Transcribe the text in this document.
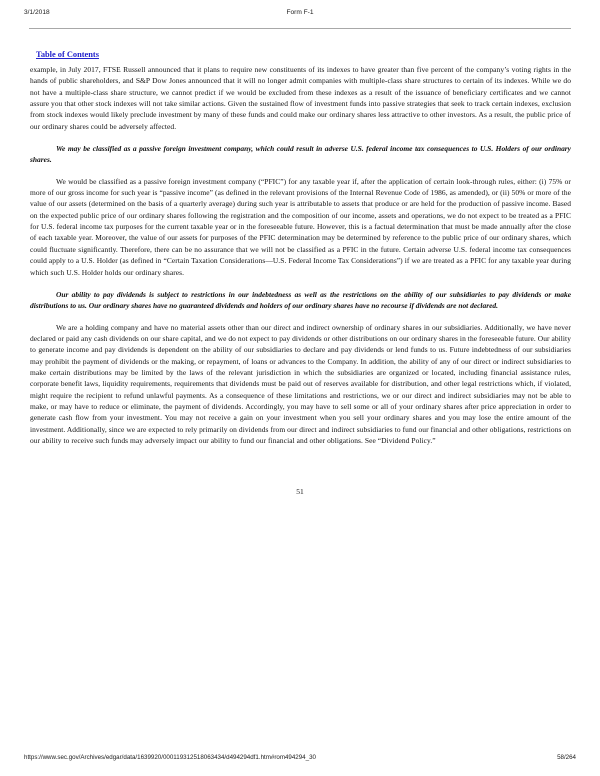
3/1/2018	Form F-1
Table of Contents

example, in July 2017, FTSE Russell announced that it plans to require new constituents of its indexes to have greater than five percent of the company’s voting rights in the hands of public shareholders, and S&P Dow Jones announced that it will no longer admit companies with multiple-class share structures to certain of its indexes. While we do not have a multiple-class share structure, we cannot predict if we would be excluded from these indexes as a result of the issuance of beneficiary certificates and we cannot assure you that other stock indexes will not take similar actions. Given the sustained flow of investment funds into passive strategies that seek to track certain indexes, exclusion from stock indexes would likely preclude investment by many of these funds and could make our ordinary shares less attractive to other investors. As a result, the public price of our ordinary shares could be adversely affected.

We may be classified as a passive foreign investment company, which could result in adverse U.S. federal income tax consequences to U.S. Holders of our ordinary shares.

We would be classified as a passive foreign investment company (“PFIC”) for any taxable year if, after the application of certain look-through rules, either: (i) 75% or more of our gross income for such year is “passive income” (as defined in the relevant provisions of the Internal Revenue Code of 1986, as amended), or (ii) 50% or more of the value of our assets (determined on the basis of a quarterly average) during such year is attributable to assets that produce or are held for the production of passive income. Based on the expected public price of our ordinary shares following the registration and the composition of our income, assets and operations, we do not expect to be treated as a PFIC for U.S. federal income tax purposes for the current taxable year or in the foreseeable future. However, this is a factual determination that must be made annually after the close of each taxable year. Moreover, the value of our assets for purposes of the PFIC determination may be determined by reference to the public price of our ordinary shares, which could fluctuate significantly. Therefore, there can be no assurance that we will not be classified as a PFIC in the future. Certain adverse U.S. federal income tax consequences could apply to a U.S. Holder (as defined in “Certain Taxation Considerations—U.S. Federal Income Tax Considerations”) if we are treated as a PFIC for any taxable year during which such U.S. Holder holds our ordinary shares.

Our ability to pay dividends is subject to restrictions in our indebtedness as well as the restrictions on the ability of our subsidiaries to pay dividends or make distributions to us. Our ordinary shares have no guaranteed dividends and holders of our ordinary shares have no recourse if dividends are not declared.

We are a holding company and have no material assets other than our direct and indirect ownership of ordinary shares in our subsidiaries. Additionally, we have never declared or paid any cash dividends on our share capital, and we do not expect to pay dividends or other distributions on our ordinary shares in the foreseeable future. Our ability to generate income and pay dividends is dependent on the ability of our subsidiaries to declare and pay dividends or lend funds to us. Future indebtedness of our subsidiaries may prohibit the payment of dividends or the making, or repayment, of loans or advances to the Company. In addition, the ability of any of our direct or indirect subsidiaries to make certain distributions may be limited by the laws of the relevant jurisdiction in which the subsidiaries are organized or located, including financial assistance rules, corporate benefit laws, liquidity requirements, requirements that dividends must be paid out of reserves available for distribution, and other legal restrictions which, if violated, might require the recipient to refund unlawful payments. As a consequence of these limitations and restrictions, we or our direct and indirect subsidiaries may not be able to make, or may have to reduce or eliminate, the payment of dividends. Accordingly, you may have to sell some or all of your ordinary shares after price appreciation in order to generate cash flow from your investment. You may not receive a gain on your investment when you sell your ordinary shares and you may lose the entire amount of the investment. Additionally, since we are expected to rely primarily on dividends from our direct and indirect subsidiaries to fund our financial and other obligations, restrictions on our ability to receive such funds may adversely impact our ability to fund our financial and other obligations. See “Dividend Policy.”

51
https://www.sec.gov/Archives/edgar/data/1639920/000119312518063434/d494294df1.htm#rom494294_30	58/264
